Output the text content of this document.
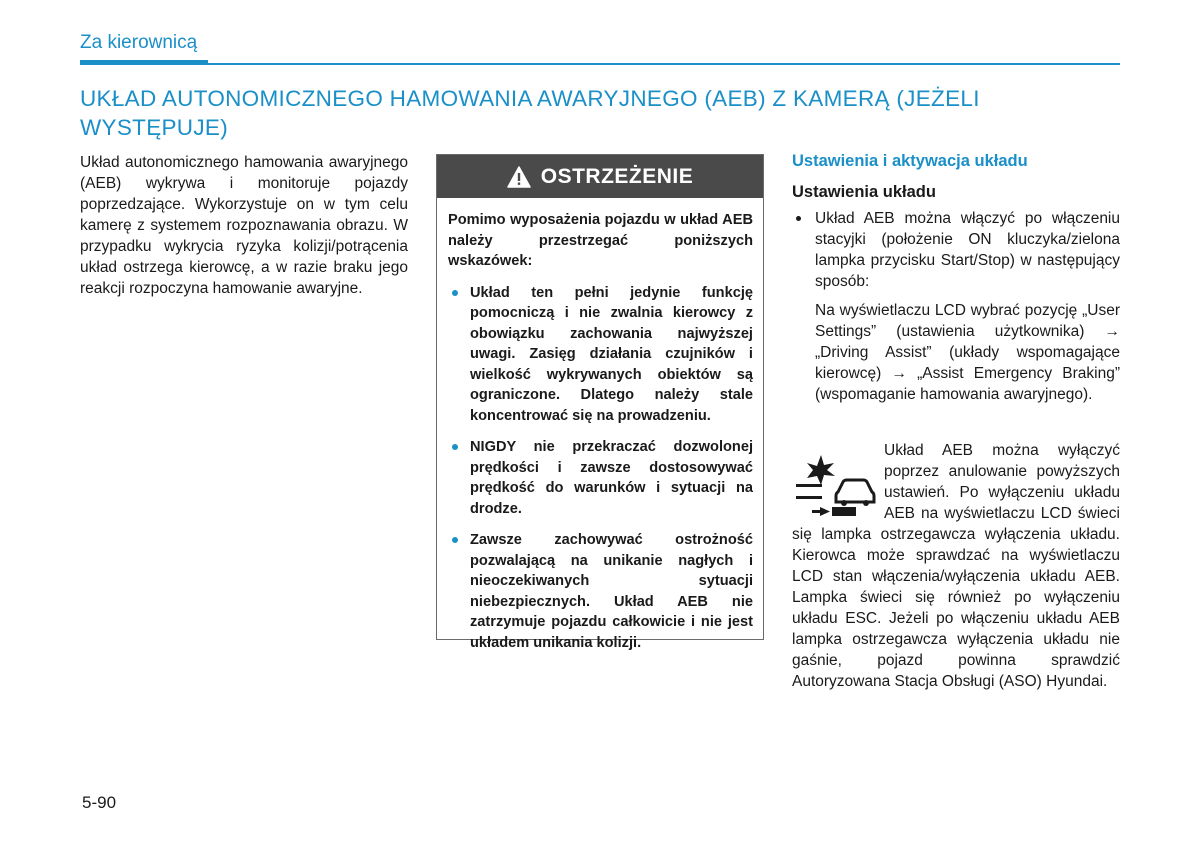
Za kierownicą
UKŁAD AUTONOMICZNEGO HAMOWANIA AWARYJNEGO (AEB) Z KAMERĄ (JEŻELI WYSTĘPUJE)

Układ autonomicznego hamowania awaryjnego (AEB) wykrywa i monitoruje pojazdy poprzedzające. Wykorzystuje on w tym celu kamerę z systemem rozpoznawania obrazu. W przypadku wykrycia ryzyka kolizji/potrącenia układ ostrzega kierowcę, a w razie braku jego reakcji rozpoczyna hamowanie awaryjne.

OSTRZEŻENIE

Pomimo wyposażenia pojazdu w układ AEB należy przestrzegać poniższych wskazówek:

Układ ten pełni jedynie funkcję pomocniczą i nie zwalnia kierowcy z obowiązku zachowania najwyższej uwagi. Zasięg działania czujników i wielkość wykrywanych obiektów są ograniczone. Dlatego należy stale koncentrować się na prowadzeniu.
NIGDY nie przekraczać dozwolonej prędkości i zawsze dostosowywać prędkość do warunków i sytuacji na drodze.
Zawsze zachowywać ostrożność pozwalającą na unikanie nagłych i nieoczekiwanych sytuacji niebezpiecznych. Układ AEB nie zatrzymuje pojazdu całkowicie i nie jest układem unikania kolizji.
Ustawienia i aktywacja układu
Ustawienia układu

Układ AEB można włączyć po włączeniu stacyjki (położenie ON kluczyka/zielona lampka przycisku Start/Stop) w następujący sposób:

Na wyświetlaczu LCD wybrać pozycję „User Settings” (ustawienia użytkownika) → „Driving Assist” (układy wspomagające kierowcę) → „Assist Emergency Braking” (wspomaganie hamowania awaryjnego).

Układ AEB można wyłączyć poprzez anulowanie powyższych ustawień. Po wyłączeniu układu AEB na wyświetlaczu LCD świeci się lampka ostrzegawcza wyłączenia układu. Kierowca może sprawdzać na wyświetlaczu LCD stan włączenia/wyłączenia układu AEB. Lampka świeci się również po wyłączeniu układu ESC. Jeżeli po włączeniu układu AEB lampka ostrzegawcza wyłączenia układu nie gaśnie, pojazd powinna sprawdzić Autoryzowana Stacja Obsługi (ASO) Hyundai.

5-90
